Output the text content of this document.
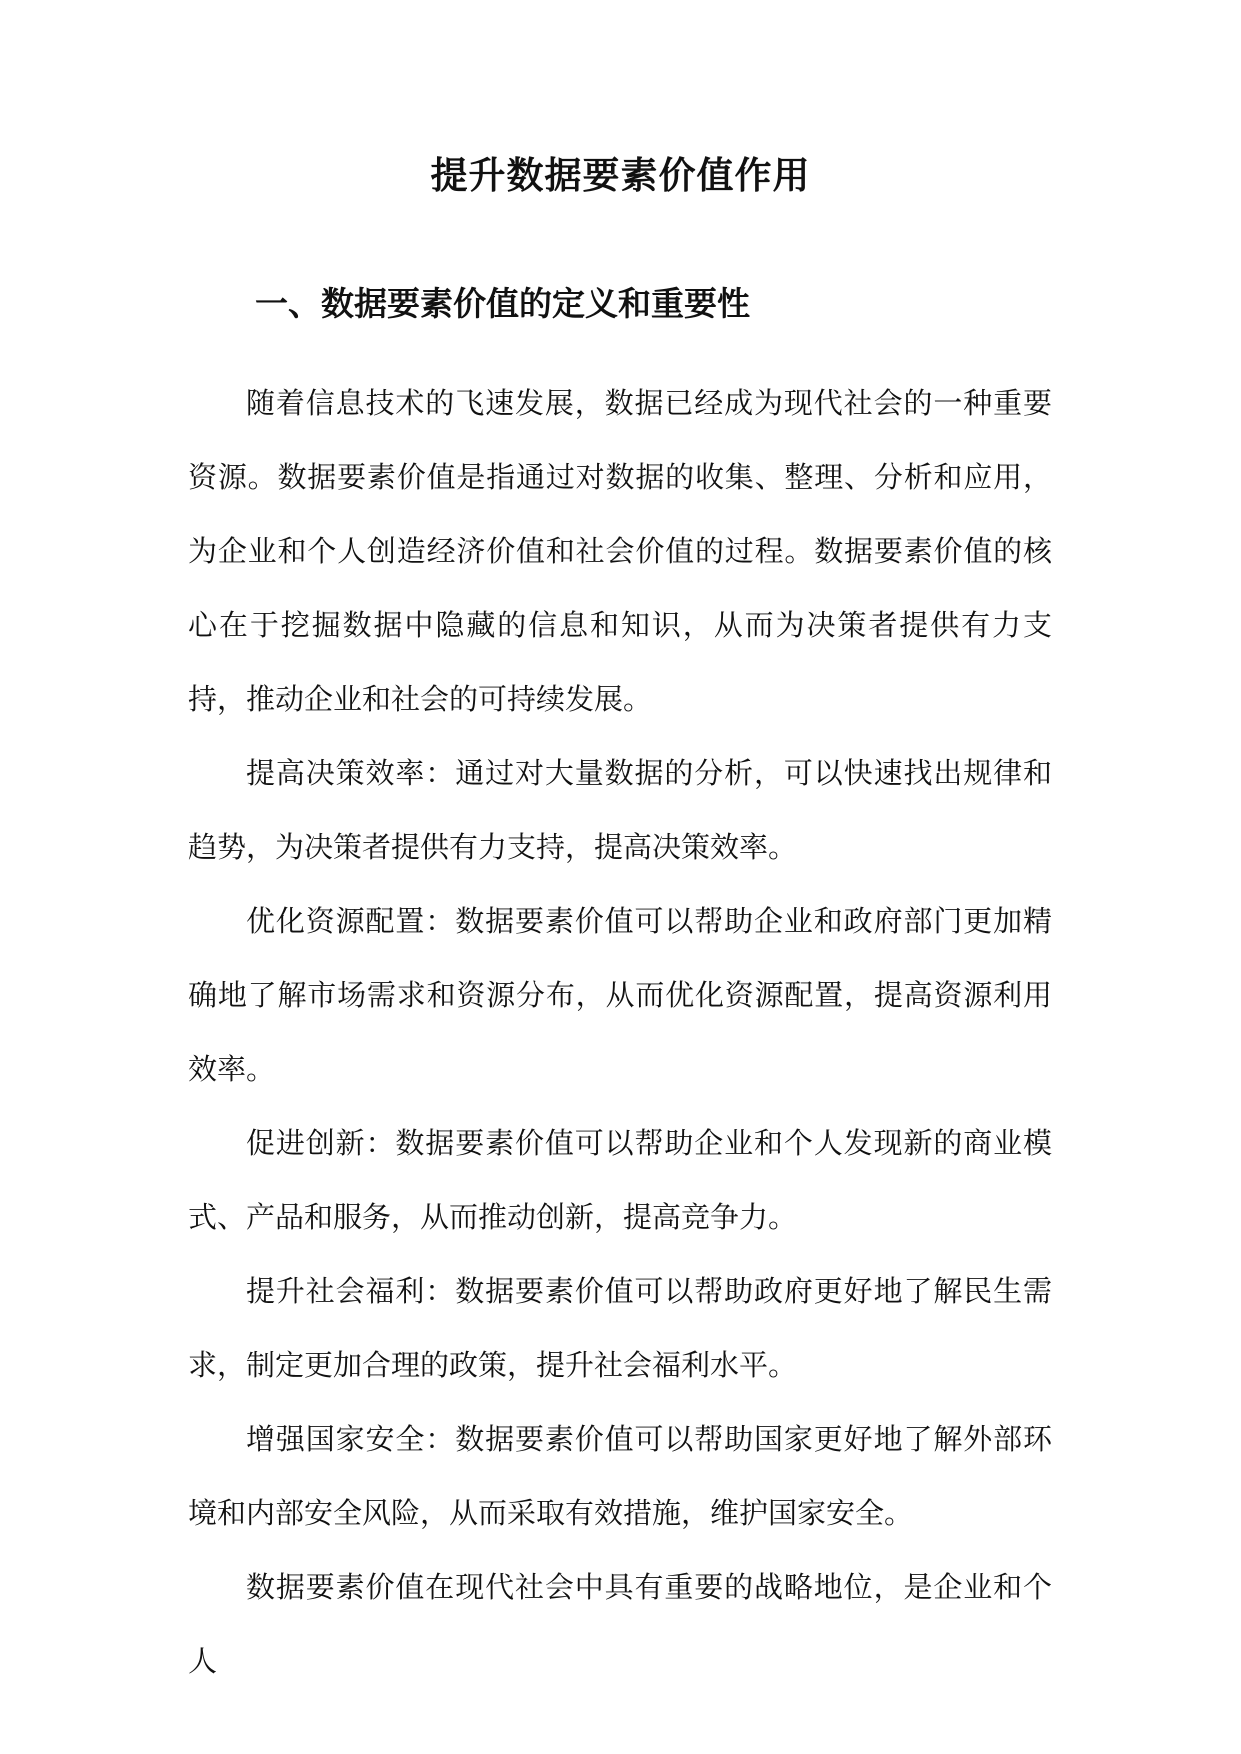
提升数据要素价值作用
一、数据要素价值的定义和重要性

随着信息技术的飞速发展，数据已经成为现代社会的一种重要资源。数据要素价值是指通过对数据的收集、整理、分析和应用，为企业和个人创造经济价值和社会价值的过程。数据要素价值的核心在于挖掘数据中隐藏的信息和知识，从而为决策者提供有力支持，推动企业和社会的可持续发展。

提高决策效率：通过对大量数据的分析，可以快速找出规律和趋势，为决策者提供有力支持，提高决策效率。

优化资源配置：数据要素价值可以帮助企业和政府部门更加精确地了解市场需求和资源分布，从而优化资源配置，提高资源利用效率。

促进创新：数据要素价值可以帮助企业和个人发现新的商业模式、产品和服务，从而推动创新，提高竞争力。

提升社会福利：数据要素价值可以帮助政府更好地了解民生需求，制定更加合理的政策，提升社会福利水平。

增强国家安全：数据要素价值可以帮助国家更好地了解外部环境和内部安全风险，从而采取有效措施，维护国家安全。

数据要素价值在现代社会中具有重要的战略地位，是企业和个人
